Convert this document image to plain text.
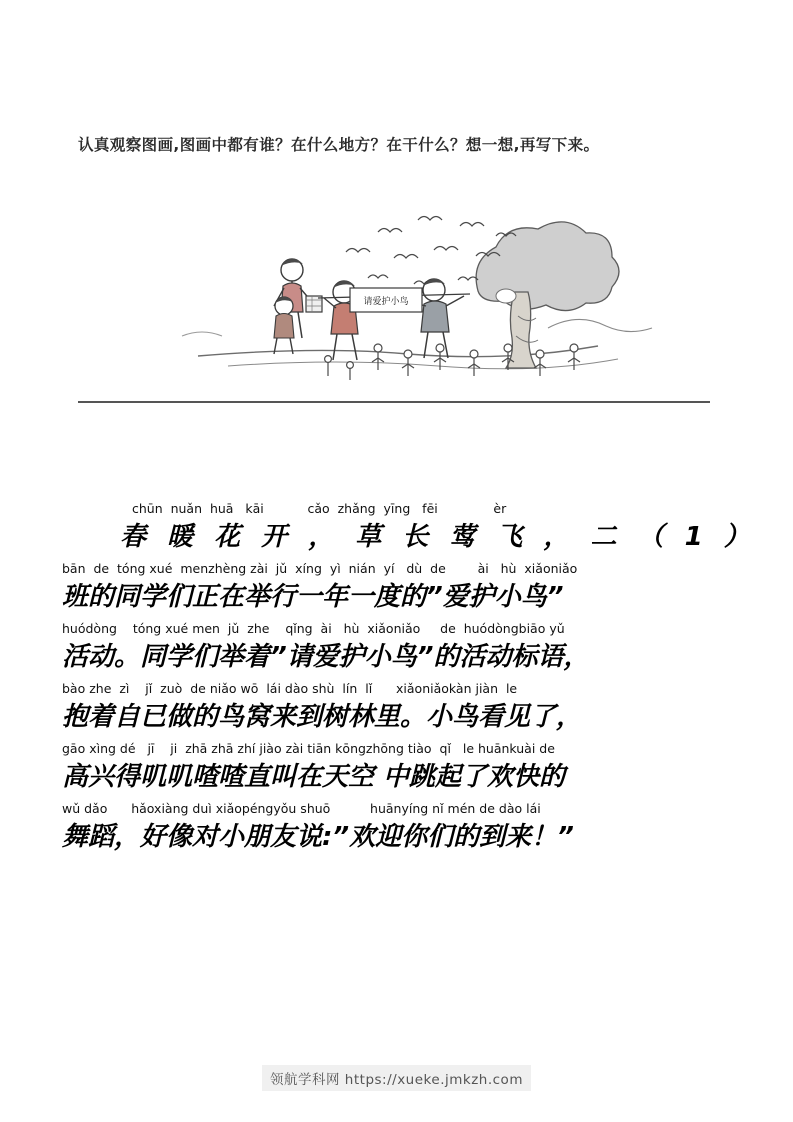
认真观察图画,图画中都有谁？在什么地方？在干什么？想一想,再写下来。
请爱护小鸟
chūn  nuǎn  huā   kāi           cǎo  zhǎng  yīng   fēi              èr
春 暖 花 开 ， 草 长 莺 飞 ， 二 （ 1 ）
bān  de  tóng xué  menzhèng zài  jǔ  xíng  yì  nián  yí   dù  de        ài   hù  xiǎoniǎo
班的同学们正在举行一年一度的”爱护小鸟”
huódòng    tóng xué men  jǔ  zhe    qǐng  ài   hù  xiǎoniǎo     de  huódòngbiāo yǔ
活动。同学们举着”请爱护小鸟”的活动标语，
bào zhe  zì    jǐ  zuò  de niǎo wō  lái dào shù  lín  lǐ      xiǎoniǎokàn jiàn  le
抱着自已做的鸟窝来到树林里。小鸟看见了，
gāo xìng dé   jī    ji  zhā zhā zhí jiào zài tiān kōngzhōng tiào  qǐ   le huānkuài de
高兴得叽叽喳喳直叫在天空 中跳起了欢快的
wǔ dǎo      hǎoxiàng duì xiǎopéngyǒu shuō          huānyíng nǐ mén de dào lái
舞蹈，好像对小朋友说:”欢迎你们的到来！”
领航学科网 https://xueke.jmkzh.com
